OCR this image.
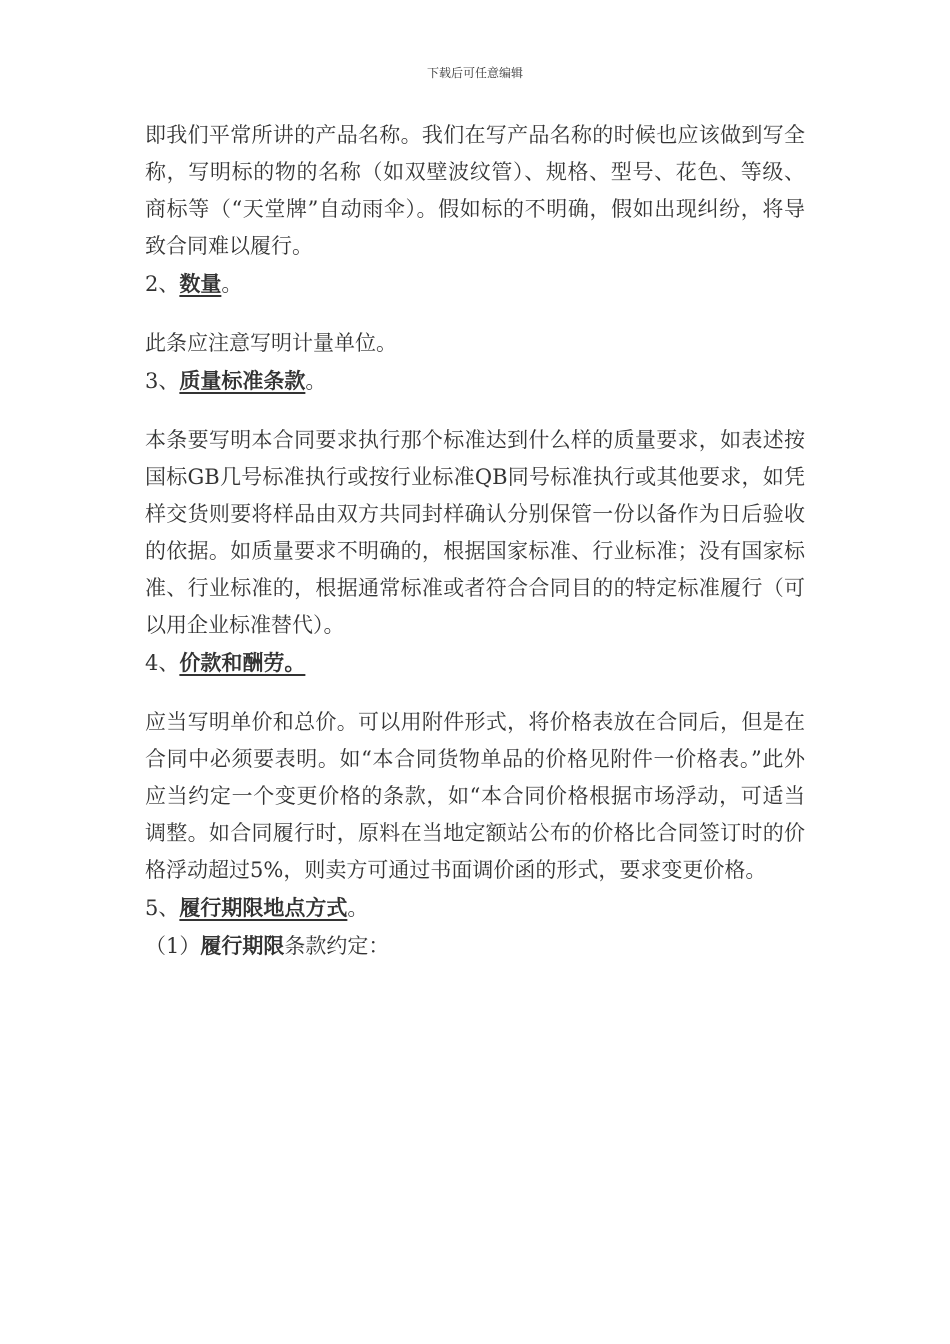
下载后可任意编辑

即我们平常所讲的产品名称。我们在写产品名称的时候也应该做到写全称，写明标的物的名称（如双壁波纹管）、规格、型号、花色、等级、商标等（“天堂牌”自动雨伞）。假如标的不明确，假如出现纠纷，将导致合同难以履行。

2、数量。

此条应注意写明计量单位。

3、质量标准条款。

本条要写明本合同要求执行那个标准达到什么样的质量要求，如表述按国标GB几号标准执行或按行业标准QB同号标准执行或其他要求，如凭样交货则要将样品由双方共同封样确认分别保管一份以备作为日后验收的依据。如质量要求不明确的，根据国家标准、行业标准；没有国家标准、行业标准的，根据通常标准或者符合合同目的的特定标准履行（可以用企业标准替代）。

4、价款和酬劳。

应当写明单价和总价。可以用附件形式，将价格表放在合同后，但是在合同中必须要表明。如“本合同货物单品的价格见附件一价格表。”此外应当约定一个变更价格的条款，如“本合同价格根据市场浮动，可适当调整。如合同履行时，原料在当地定额站公布的价格比合同签订时的价格浮动超过5%，则卖方可通过书面调价函的形式，要求变更价格。

5、履行期限地点方式。

（1）履行期限条款约定：
